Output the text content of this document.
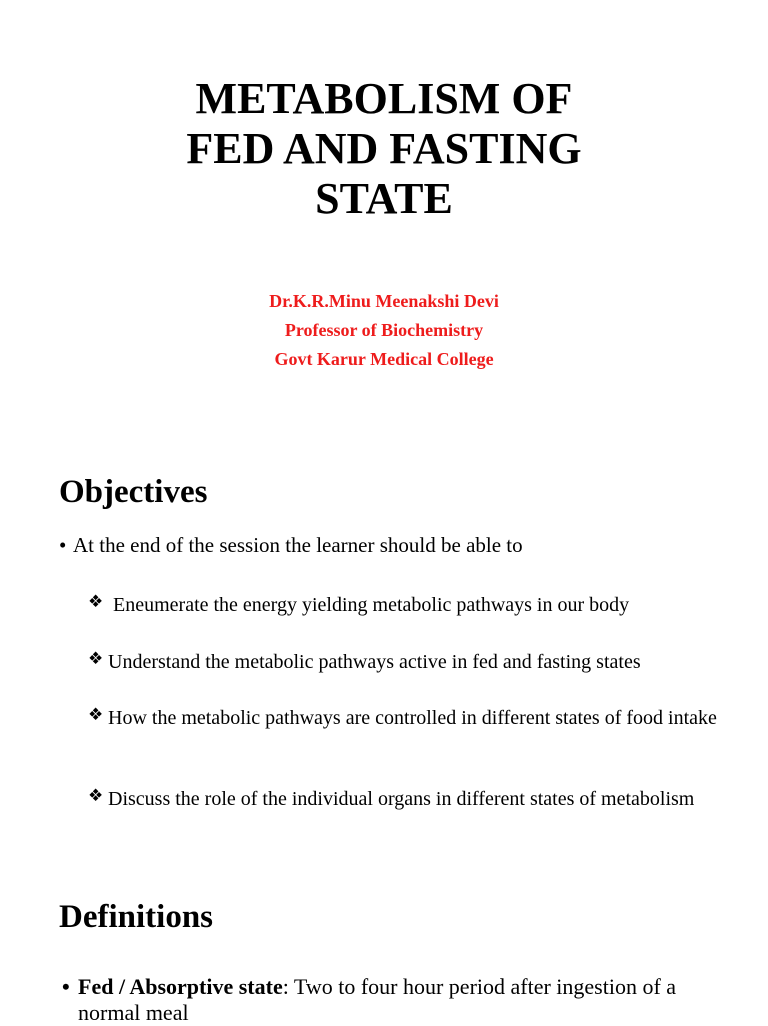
METABOLISM OF
FED AND FASTING
STATE
Dr.K.R.Minu Meenakshi Devi
Professor of Biochemistry
Govt Karur Medical College
Objectives
• At the end of the session the learner should be able to
❖ Eneumerate the energy yielding metabolic pathways in our body
❖ Understand the metabolic pathways active in fed and fasting states
❖ How the metabolic pathways are controlled in different states of food intake
❖ Discuss the role of the individual organs in different states of metabolism
Definitions
• Fed / Absorptive state: Two to four hour period after ingestion of a normal meal
